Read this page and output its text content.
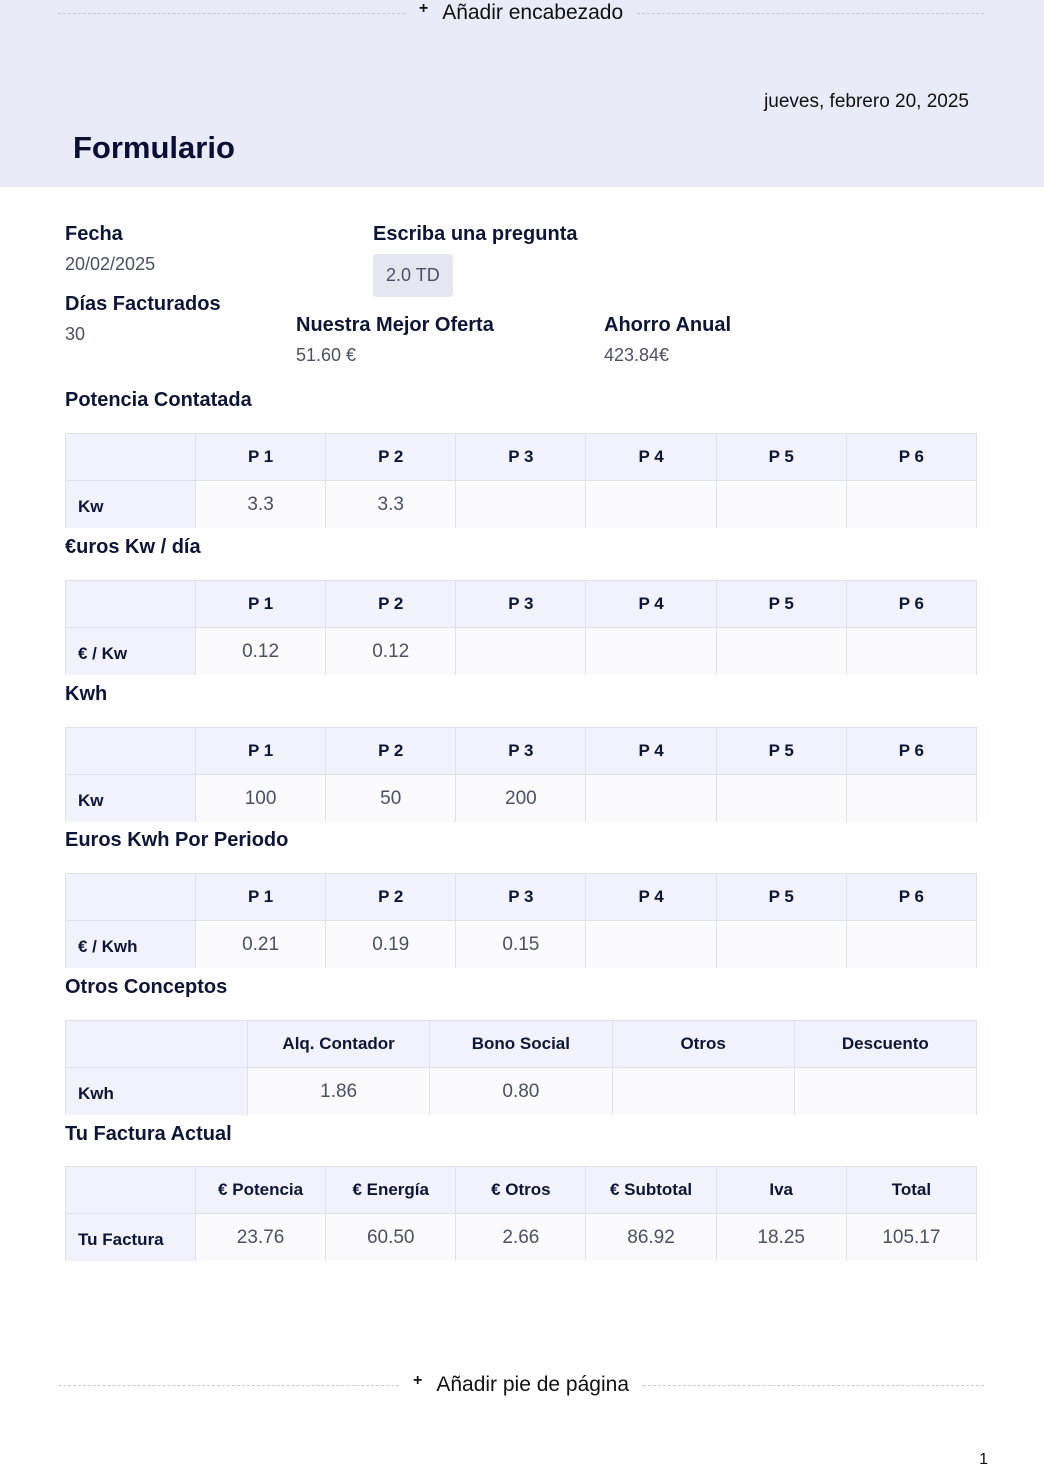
+ Añadir encabezado
jueves, febrero 20, 2025
Formulario
Fecha
20/02/2025
Escriba una pregunta
2.0 TD
Días Facturados
30	Nuestra Mejor Oferta
51.60 €
Ahorro Anual
423.84€
Potencia Contatada
	P 1	P 2	P 3	P 4	P 5	P 6
Kw	3.3	3.3				
€uros Kw / día
	P 1	P 2	P 3	P 4	P 5	P 6
€ / Kw	0.12	0.12				
Kwh
	P 1	P 2	P 3	P 4	P 5	P 6
Kw	100	50	200			
Euros Kwh Por Periodo
	P 1	P 2	P 3	P 4	P 5	P 6
€ / Kwh	0.21	0.19	0.15			
Otros Conceptos
	Alq. Contador	Bono Social	Otros	Descuento
Kwh	1.86	0.80		
Tu Factura Actual
	€ Potencia	€ Energía	€ Otros	€ Subtotal	Iva	Total
Tu Factura	23.76	60.50	2.66	86.92	18.25	105.17
+ Añadir pie de página
1
